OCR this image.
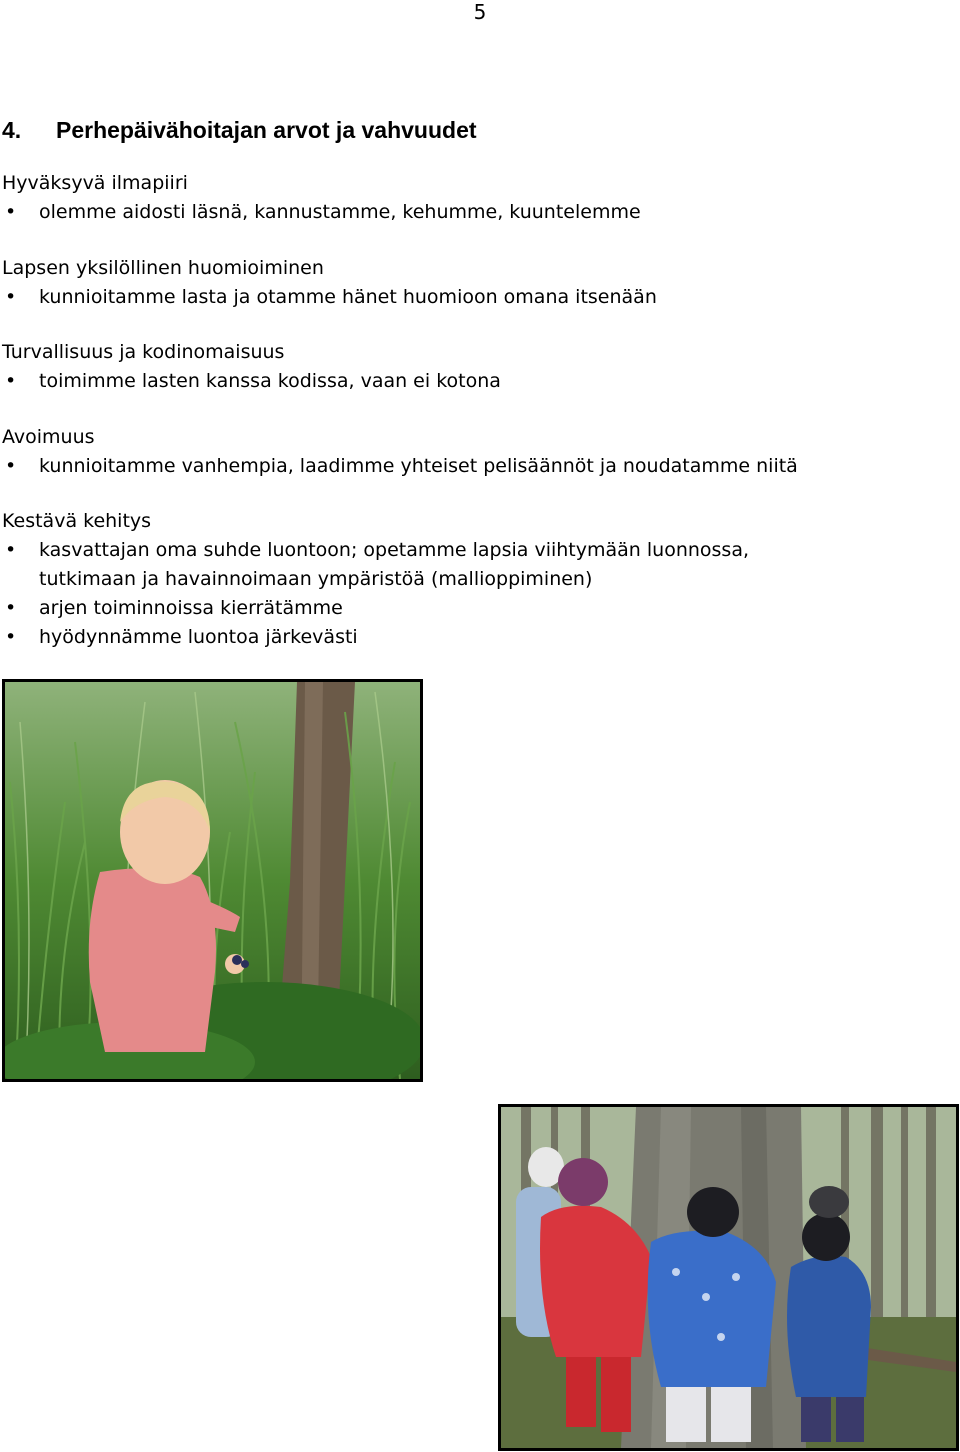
5
4. Perhepäivähoitajan arvot ja vahvuudet
Hyväksyvä ilmapiiri
• olemme aidosti läsnä, kannustamme, kehumme, kuuntelemme
Lapsen yksilöllinen huomioiminen
• kunnioitamme lasta ja otamme hänet huomioon omana itsenään
Turvallisuus ja kodinomaisuus
• toimimme lasten kanssa kodissa, vaan ei kotona
Avoimuus
• kunnioitamme vanhempia, laadimme yhteiset pelisäännöt ja noudatamme niitä
Kestävä kehitys
• kasvattajan oma suhde luontoon; opetamme lapsia viihtymään luonnossa,
tutkimaan ja havainnoimaan ympäristöä (mallioppiminen)
• arjen toiminnoissa kierrätämme
• hyödynnämme luontoa järkevästi
